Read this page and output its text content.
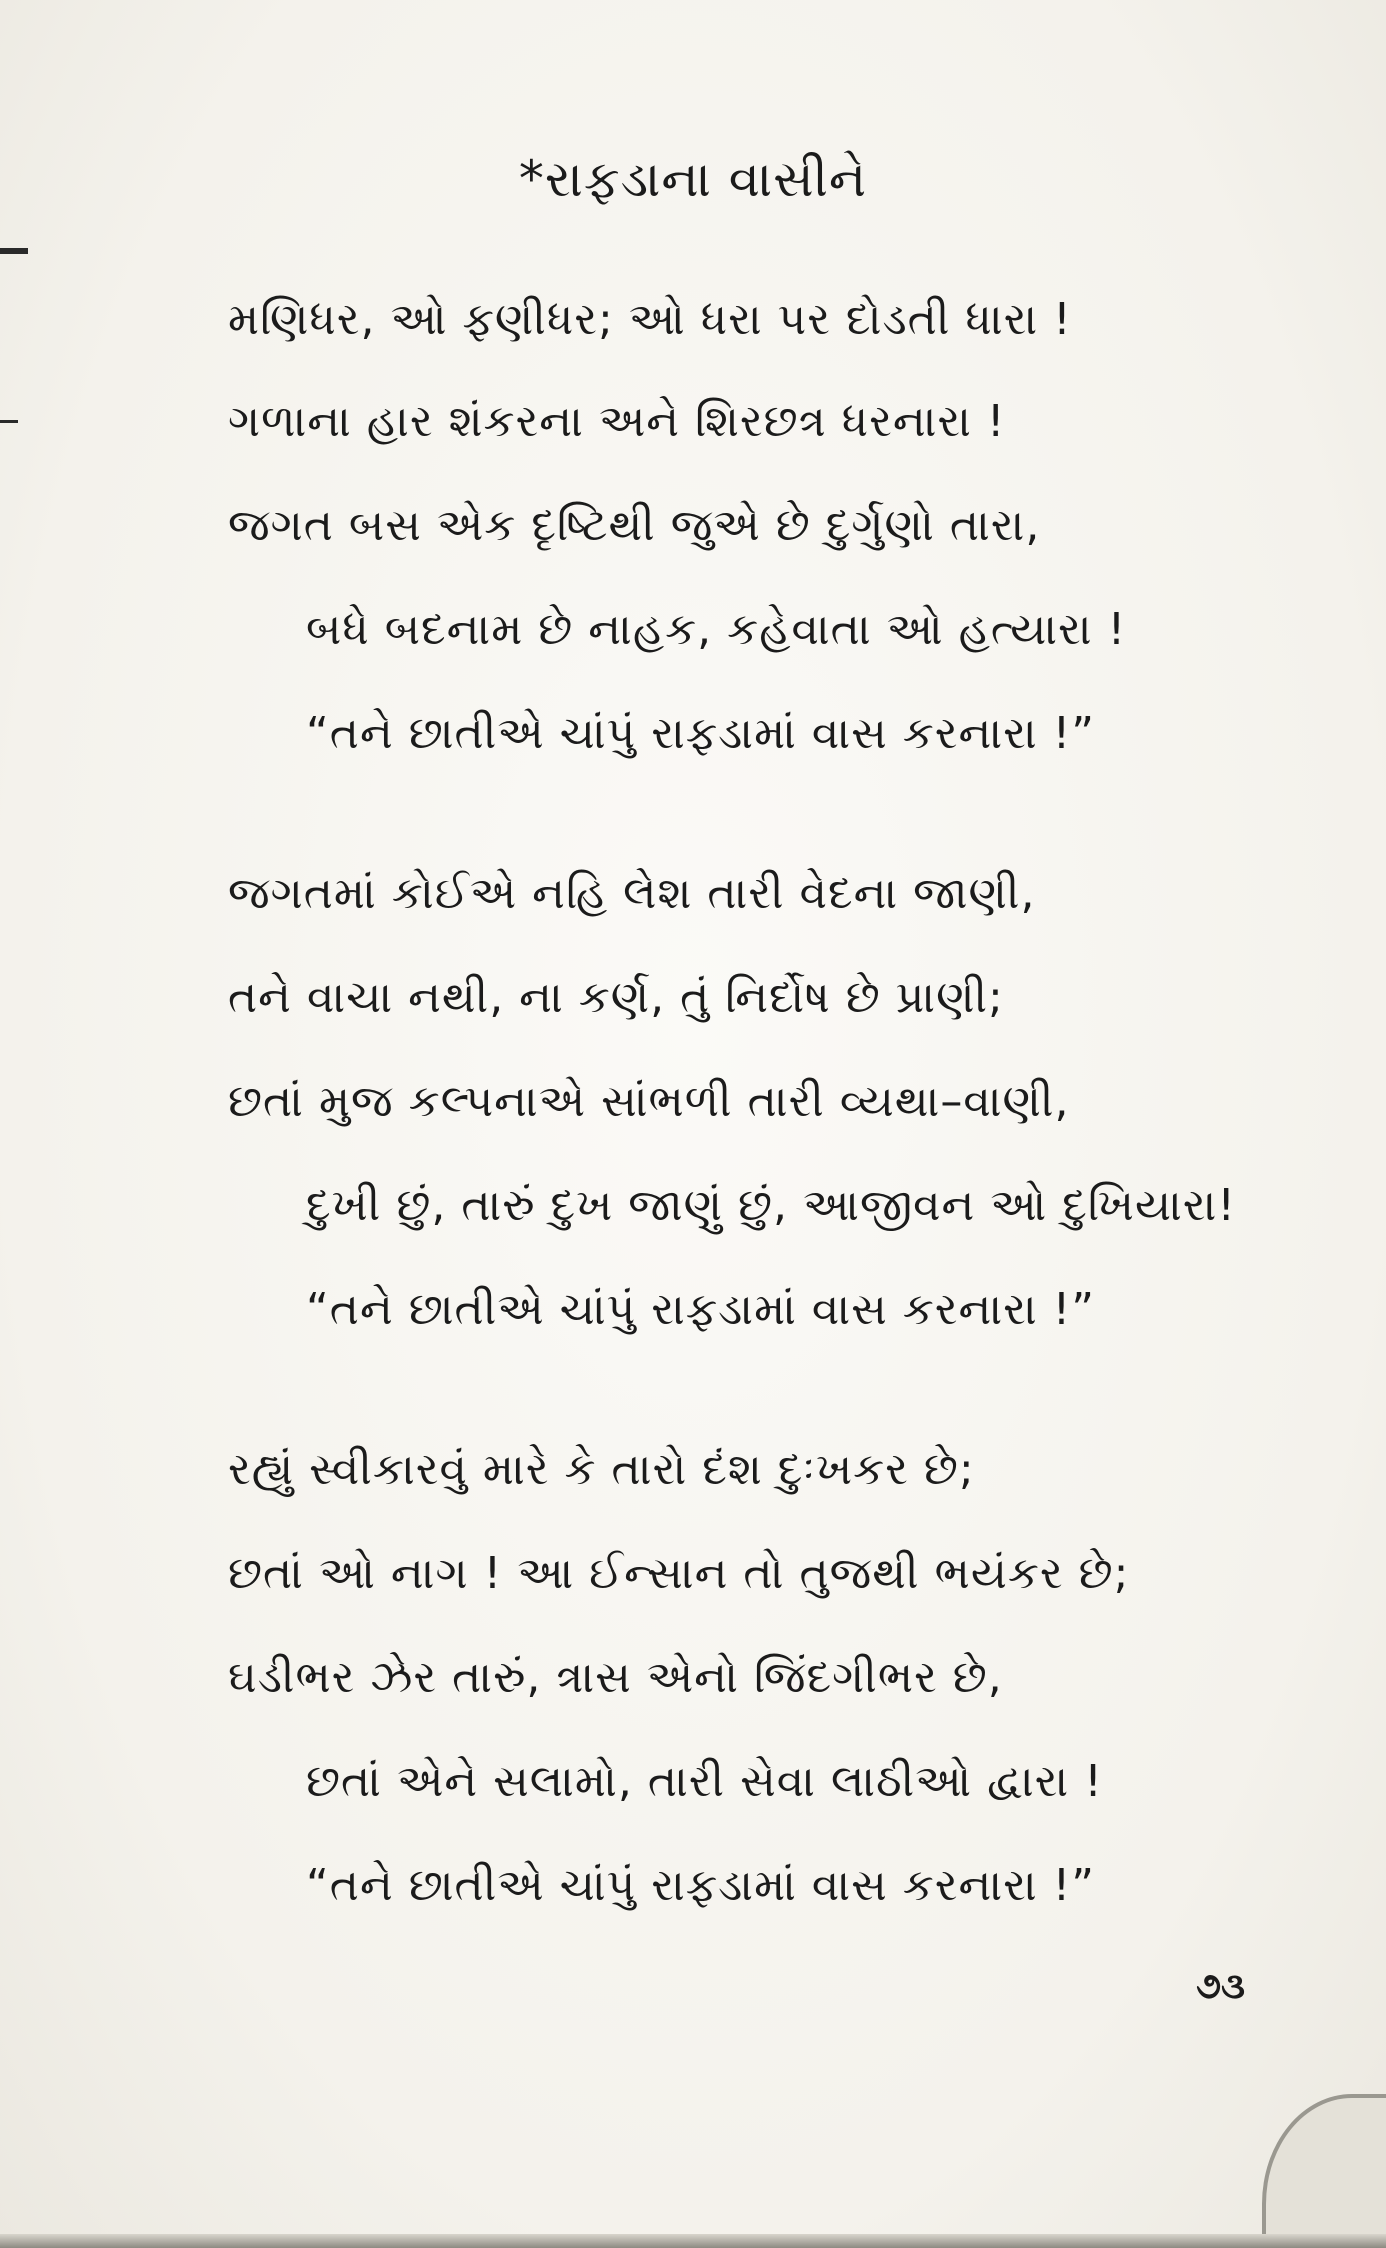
*રાફડાના વાસીને
મણિધર, ઓ ફણીધર; ઓ ધરા પર દોડતી ધારા !
ગળાના હાર શંકરના અને શિરછત્ર ધરનારા !
જગત બસ એક દૃષ્ટિથી જુએ છે દુર્ગુણો તારા,
બધે બદનામ છે નાહક, કહેવાતા ઓ હત્યારા !
“તને છાતીએ ચાંપું રાફડામાં વાસ કરનારા !”
જગતમાં કોઈએ નહિ લેશ તારી વેદના જાણી,
તને વાચા નથી, ના કર્ણ, તું નિર્દોષ છે પ્રાણી;
છતાં મુજ કલ્પનાએ સાંભળી તારી વ્યથા–વાણી,
દુખી છું, તારું દુખ જાણું છું, આજીવન ઓ દુખિયારા!
“તને છાતીએ ચાંપું રાફડામાં વાસ કરનારા !”
રહ્યું સ્વીકારવું મારે કે તારો દંશ દુઃખકર છે;
છતાં ઓ નાગ ! આ ઈન્સાન તો તુજથી ભયંકર છે;
ઘડીભર ઝેર તારું, ત્રાસ એનો જિંદગીભર છે,
છતાં એને સલામો, તારી સેવા લાઠીઓ દ્વારા !
“તને છાતીએ ચાંપું રાફડામાં વાસ કરનારા !”
૭૩
